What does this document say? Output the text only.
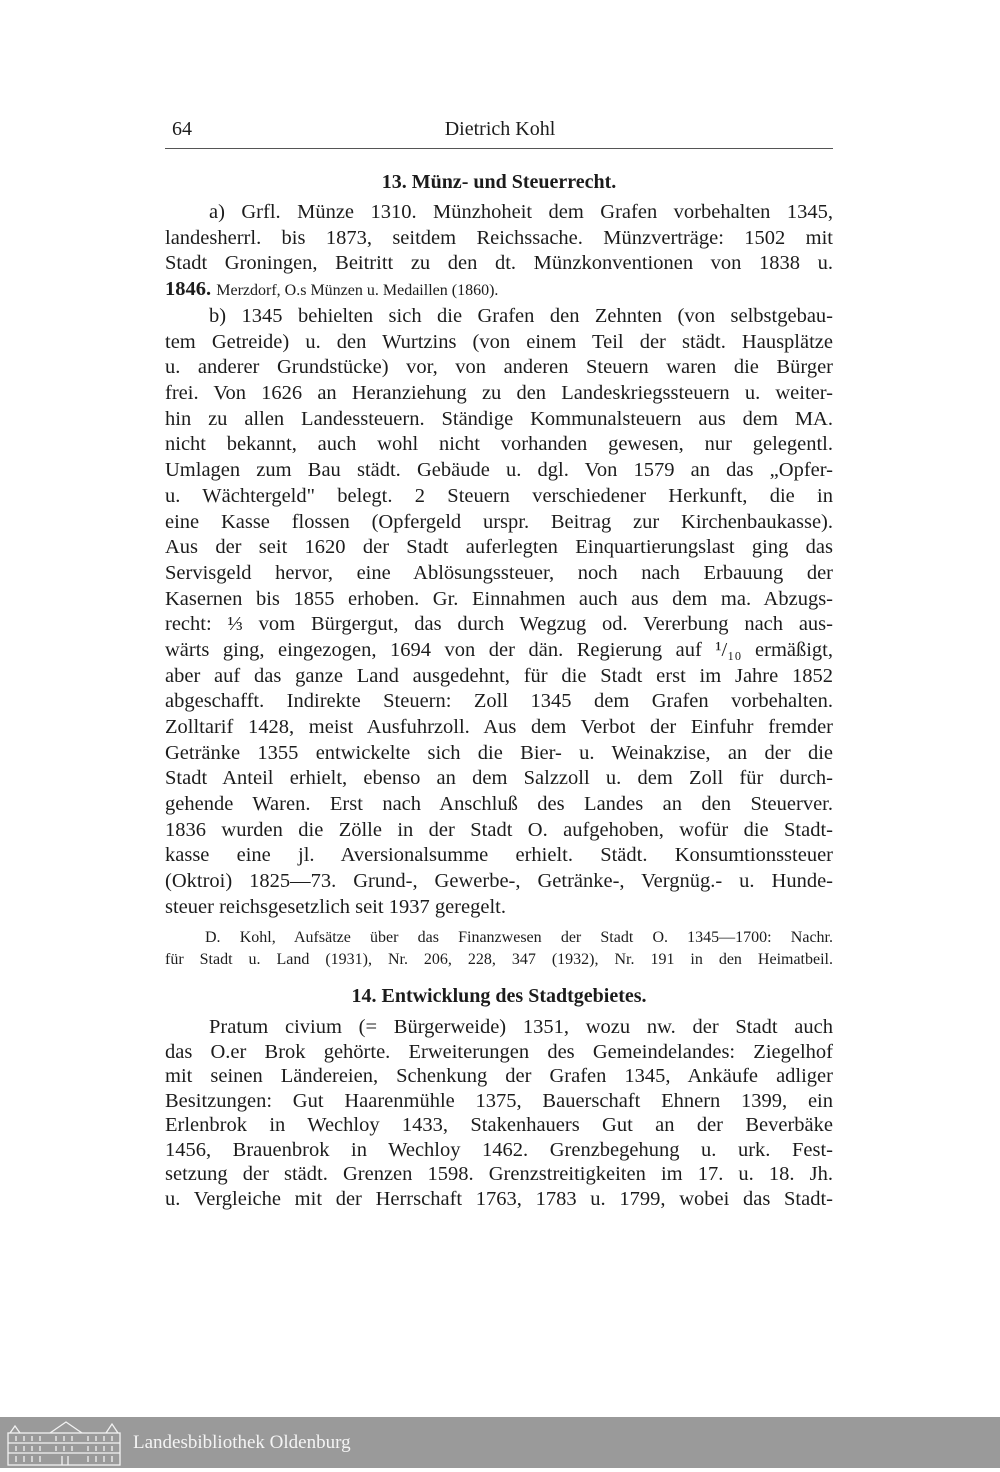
64	Dietrich Kohl
13. Münz- und Steuerrecht.
a) Grfl. Münze 1310. Münzhoheit dem Grafen vorbehalten 1345,
landesherrl. bis 1873, seitdem Reichssache. Münzverträge: 1502 mit
Stadt Groningen, Beitritt zu den dt. Münzkonventionen von 1838 u.
1846. Merzdorf, O.s Münzen u. Medaillen (1860).
b) 1345 behielten sich die Grafen den Zehnten (von selbstgebau-
tem Getreide) u. den Wurtzins (von einem Teil der städt. Hausplätze
u. anderer Grundstücke) vor, von anderen Steuern waren die Bürger
frei. Von 1626 an Heranziehung zu den Landeskriegssteuern u. weiter-
hin zu allen Landessteuern. Ständige Kommunalsteuern aus dem MA.
nicht bekannt, auch wohl nicht vorhanden gewesen, nur gelegentl.
Umlagen zum Bau städt. Gebäude u. dgl. Von 1579 an das „Opfer-
u. Wächtergeld" belegt. 2 Steuern verschiedener Herkunft, die in
eine Kasse flossen (Opfergeld urspr. Beitrag zur Kirchenbaukasse).
Aus der seit 1620 der Stadt auferlegten Einquartierungslast ging das
Servisgeld hervor, eine Ablösungssteuer, noch nach Erbauung der
Kasernen bis 1855 erhoben. Gr. Einnahmen auch aus dem ma. Abzugs-
recht: ⅓ vom Bürgergut, das durch Wegzug od. Vererbung nach aus-
wärts ging, eingezogen, 1694 von der dän. Regierung auf ¹/₁₀ ermäßigt,
aber auf das ganze Land ausgedehnt, für die Stadt erst im Jahre 1852
abgeschafft. Indirekte Steuern: Zoll 1345 dem Grafen vorbehalten.
Zolltarif 1428, meist Ausfuhrzoll. Aus dem Verbot der Einfuhr fremder
Getränke 1355 entwickelte sich die Bier- u. Weinakzise, an der die
Stadt Anteil erhielt, ebenso an dem Salzzoll u. dem Zoll für durch-
gehende Waren. Erst nach Anschluß des Landes an den Steuerver.
1836 wurden die Zölle in der Stadt O. aufgehoben, wofür die Stadt-
kasse eine jl. Aversionalsumme erhielt. Städt. Konsumtionssteuer
(Oktroi) 1825—73. Grund-, Gewerbe-, Getränke-, Vergnüg.- u. Hunde-
steuer reichsgesetzlich seit 1937 geregelt.
D. Kohl, Aufsätze über das Finanzwesen der Stadt O. 1345—1700: Nachr.
für Stadt u. Land (1931), Nr. 206, 228, 347 (1932), Nr. 191 in den Heimatbeil.
14. Entwicklung des Stadtgebietes.
Pratum civium (= Bürgerweide) 1351, wozu nw. der Stadt auch
das O.er Brok gehörte. Erweiterungen des Gemeindelandes: Ziegelhof
mit seinen Ländereien, Schenkung der Grafen 1345, Ankäufe adliger
Besitzungen: Gut Haarenmühle 1375, Bauerschaft Ehnern 1399, ein
Erlenbrok in Wechloy 1433, Stakenhauers Gut an der Beverbäke
1456, Brauenbrok in Wechloy 1462. Grenzbegehung u. urk. Fest-
setzung der städt. Grenzen 1598. Grenzstreitigkeiten im 17. u. 18. Jh.
u. Vergleiche mit der Herrschaft 1763, 1783 u. 1799, wobei das Stadt-
Landesbibliothek Oldenburg
